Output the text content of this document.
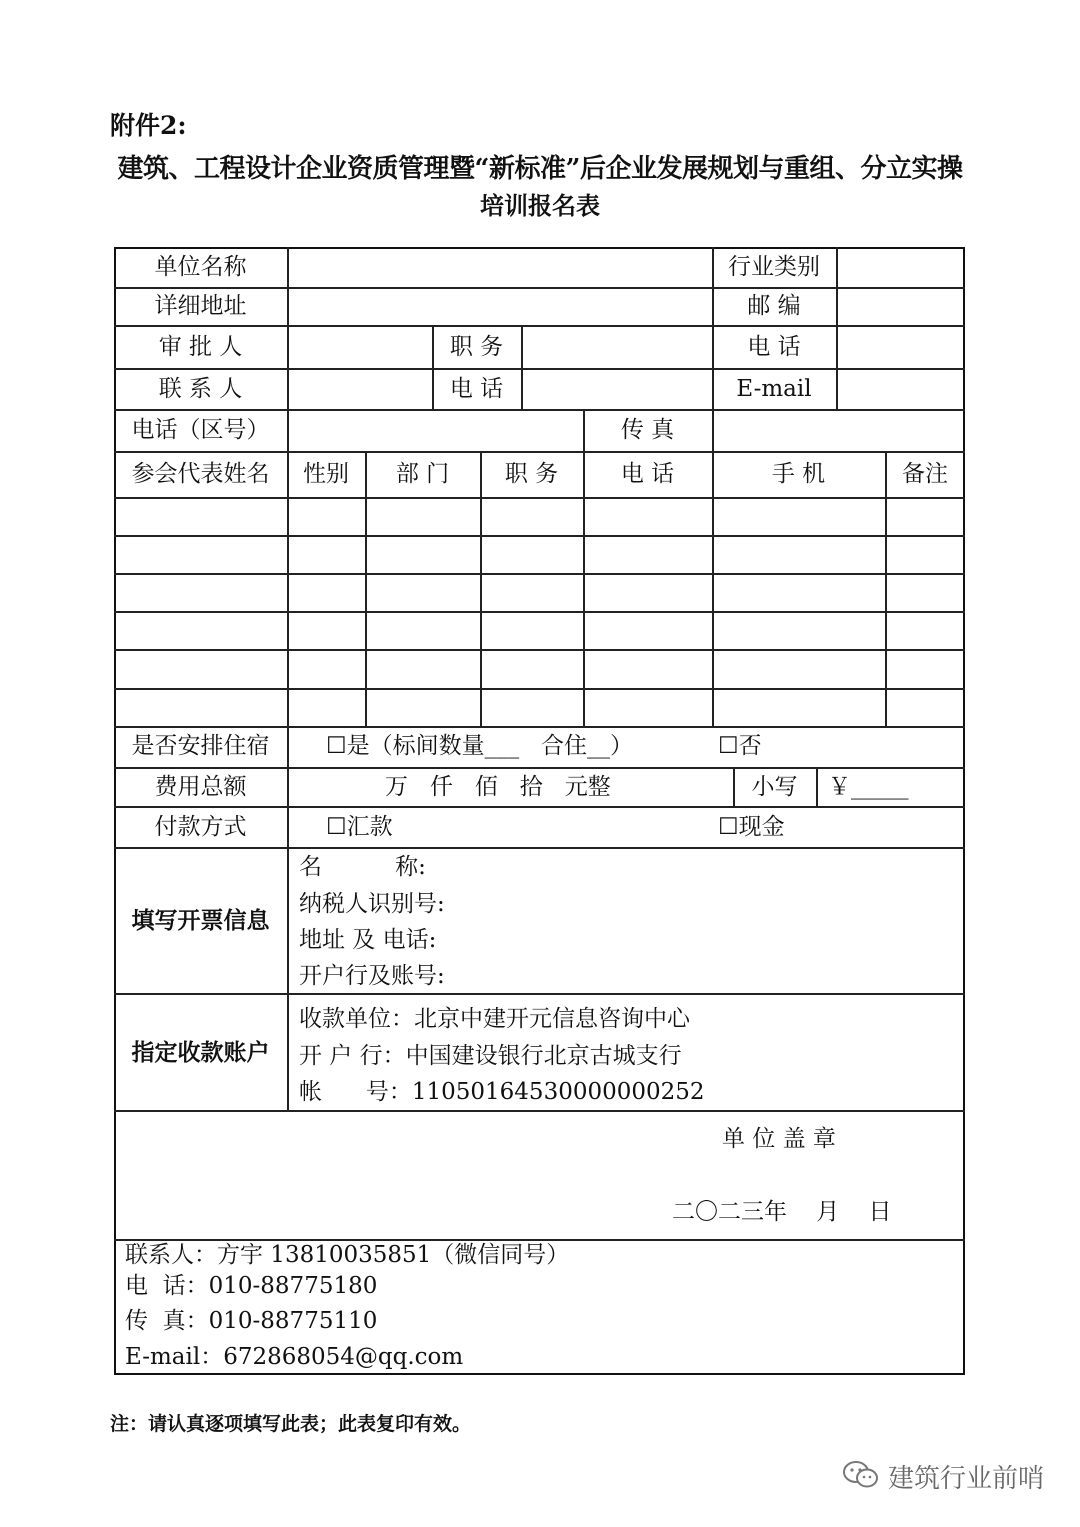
附件2:
建筑、工程设计企业资质管理暨“新标准”后企业发展规划与重组、分立实操
培训报名表
单位名称	行业类别
详细地址	邮 编
审 批 人	职 务	电 话
联 系 人	电 话	E-mail
电话（区号）	传 真
参会代表姓名	性别	部 门	职 务	电 话	手 机	备注
是否安排住宿	☐是（标间数量___   合住__）	☐否
费用总额	万   仟   佰   拾   元整	小写	￥_____
付款方式	☐汇款	☐现金
填写开票信息
名          称:
纳税人识别号:
地址 及 电话:
开户行及账号:
指定收款账户
收款单位：北京中建开元信息咨询中心
开 户 行：中国建设银行北京古城支行
帐      号：11050164530000000252
单 位 盖 章
二〇二三年    月    日
联系人：方宇 13810035851（微信同号）
电  话：010-88775180
传  真：010-88775110
E-mail：672868054@qq.com
注：请认真逐项填写此表；此表复印有效。
建筑行业前哨
